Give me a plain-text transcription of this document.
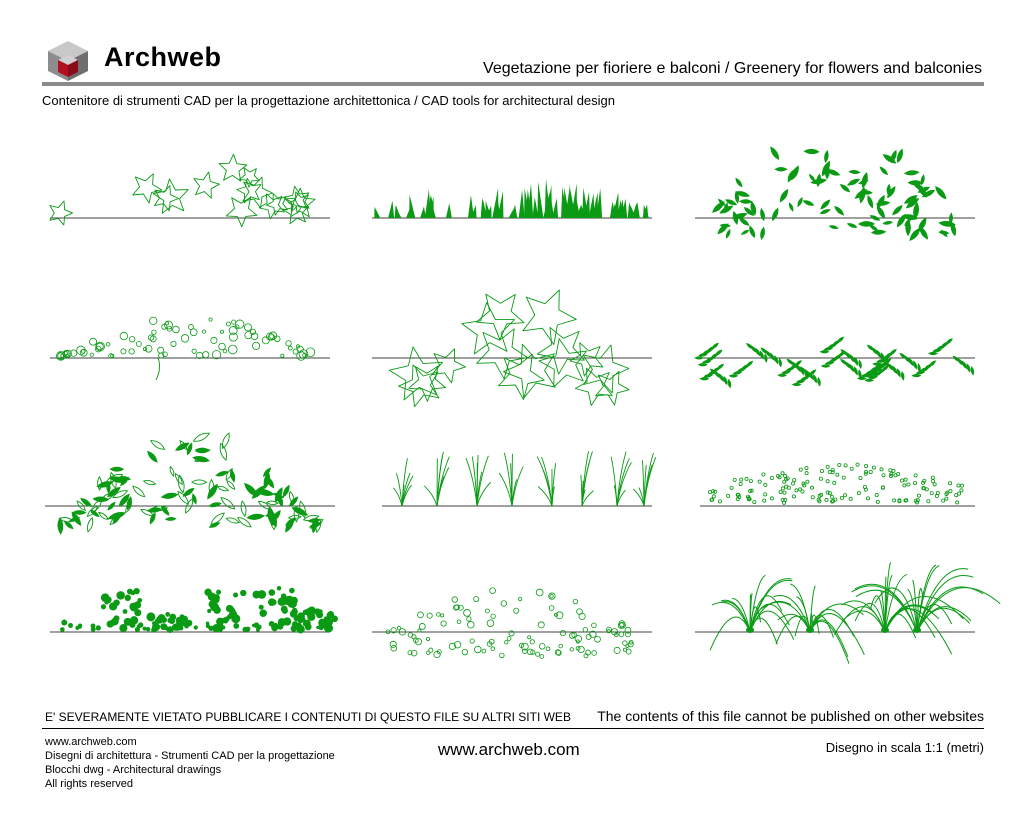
Archweb	Vegetazione per fioriere e balconi / Greenery for flowers and balconies
Contenitore di strumenti CAD per la progettazione architettonica / CAD tools for architectural design
E' SEVERAMENTE VIETATO PUBBLICARE I CONTENUTI DI QUESTO FILE SU ALTRI SITI WEB The contents of this file cannot be published on other websites
www.archweb.com
Disegni di architettura - Strumenti CAD per la progettazione
Blocchi dwg - Architectural drawings
All rights reserved
www.archweb.com	Disegno in scala 1:1 (metri)
